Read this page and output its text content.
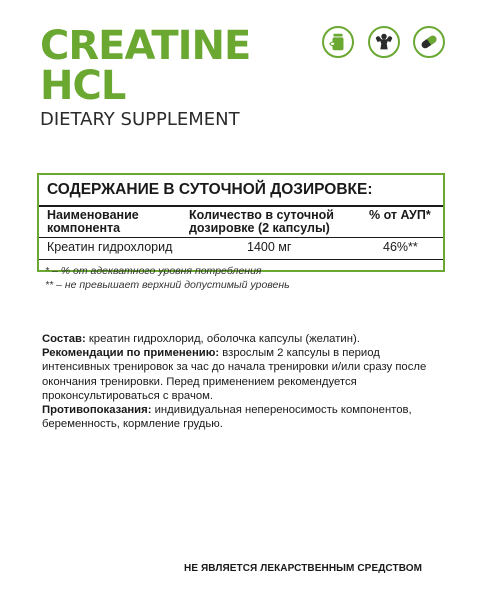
CREATINE
HCL
DIETARY SUPPLEMENT
СОДЕРЖАНИЕ В СУТОЧНОЙ ДОЗИРОВКЕ:
Наименование компонента
Количество в суточной дозировке (2 капсулы)
% от АУП*
Креатин гидрохлорид	1400 мг	46%**
* – % от адекватного уровня потребления
** – не превышает верхний допустимый уровень

Состав: креатин гидрохлорид, оболочка капсулы (желатин).

Рекомендации по применению: взрослым 2 капсулы в период интенсивных тренировок за час до начала тренировки и/или сразу после окончания тренировки. Перед применением рекомендуется проконсультироваться с врачом.

Противопоказания: индивидуальная непереносимость компонентов, беременность, кормление грудью.

НЕ ЯВЛЯЕТСЯ ЛЕКАРСТВЕННЫМ СРЕДСТВОМ
